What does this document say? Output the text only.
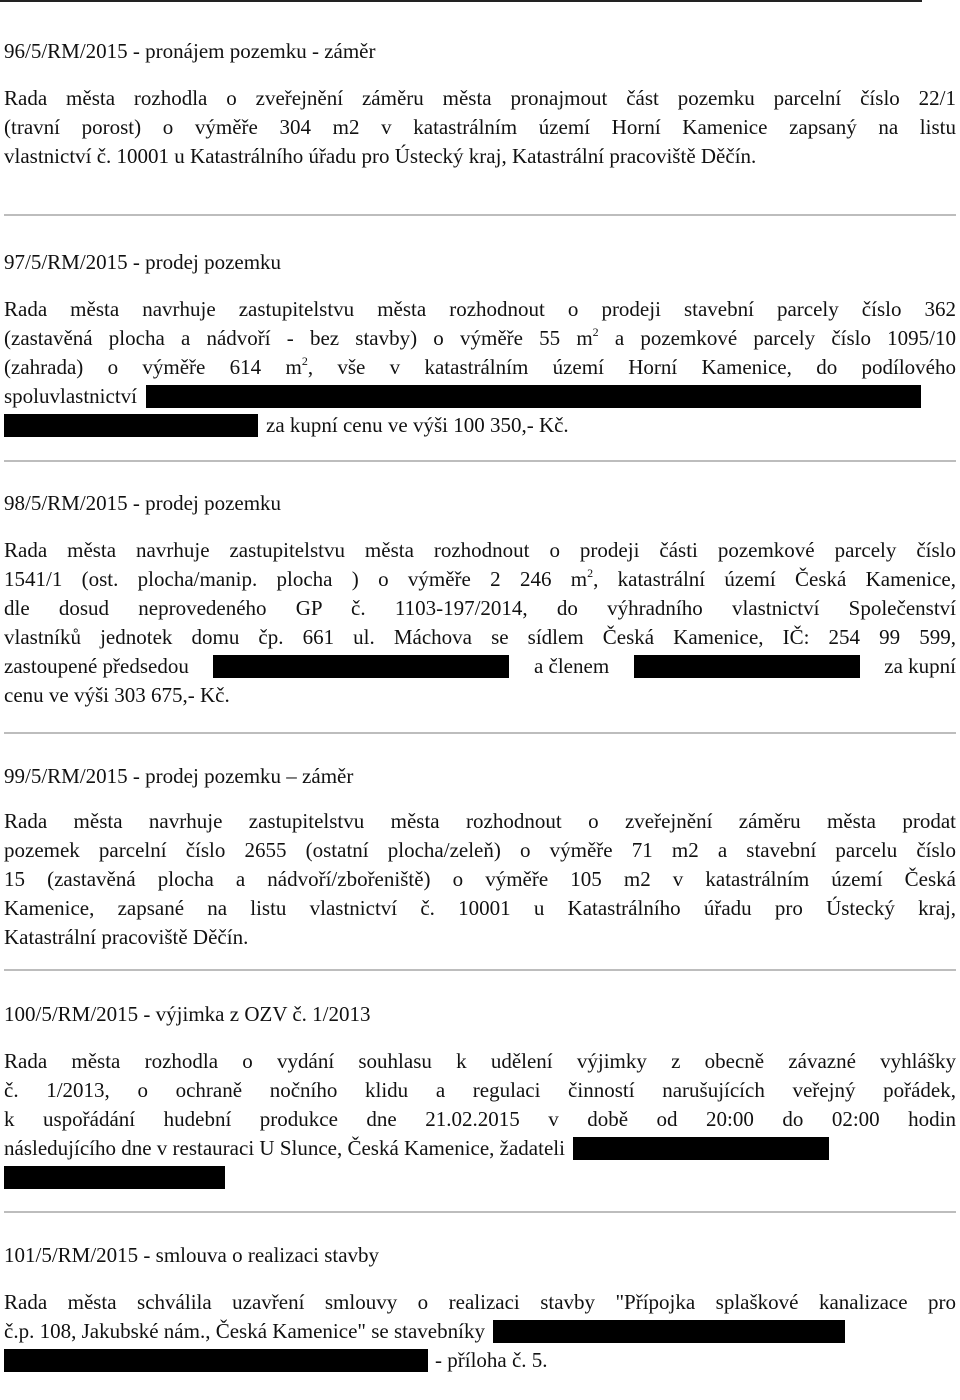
96/5/RM/2015 - pronájem pozemku - záměr
Rada města rozhodla o zveřejnění záměru města pronajmout část pozemku parcelní číslo 22/1
(travní porost) o výměře 304 m2 v katastrálním území Horní Kamenice zapsaný na listu
vlastnictví č. 10001 u Katastrálního úřadu pro Ústecký kraj, Katastrální pracoviště Děčín.
97/5/RM/2015 - prodej pozemku
Rada města navrhuje zastupitelstvu města rozhodnout o prodeji stavební parcely číslo 362
(zastavěná plocha a nádvoří - bez stavby) o výměře 55 $m^2$ a pozemkové parcely číslo 1095/10
(zahrada) o výměře 614 $m^2$, vše v katastrálním území Horní Kamenice, do podílového
spoluvlastnictví
za kupní cenu ve výši 100 350,- Kč.
98/5/RM/2015 - prodej pozemku
Rada města navrhuje zastupitelstvu města rozhodnout o prodeji části pozemkové parcely číslo
1541/1 (ost. plocha/manip. plocha ) o výměře 2 246 $m^2$, katastrální území Česká Kamenice,
dle dosud neprovedeného GP č. 1103-197/2014, do výhradního vlastnictví Společenství
vlastníků jednotek domu čp. 661 ul. Máchova se sídlem Česká Kamenice, IČ: 254 99 599,
zastoupené předsedou	a členem	za kupní
cenu ve výši 303 675,- Kč.
99/5/RM/2015 - prodej pozemku – záměr
Rada města navrhuje zastupitelstvu města rozhodnout o zveřejnění záměru města prodat
pozemek parcelní číslo 2655 (ostatní plocha/zeleň) o výměře 71 m2 a stavební parcelu číslo
15 (zastavěná plocha a nádvoří/zbořeniště) o výměře 105 m2 v katastrálním území Česká
Kamenice, zapsané na listu vlastnictví č. 10001 u Katastrálního úřadu pro Ústecký kraj,
Katastrální pracoviště Děčín.
100/5/RM/2015 - výjimka z OZV č. 1/2013
Rada města rozhodla o vydání souhlasu k udělení výjimky z obecně závazné vyhlášky
č. 1/2013, o ochraně nočního klidu a regulaci činností narušujících veřejný pořádek,
k uspořádání hudební produkce dne 21.02.2015 v době od 20:00 do 02:00 hodin
následujícího dne v restauraci U Slunce, Česká Kamenice, žadateli
101/5/RM/2015 - smlouva o realizaci stavby
Rada města schválila uzavření smlouvy o realizaci stavby "Přípojka splaškové kanalizace pro
č.p. 108, Jakubské nám., Česká Kamenice" se stavebníky
- příloha č. 5.
